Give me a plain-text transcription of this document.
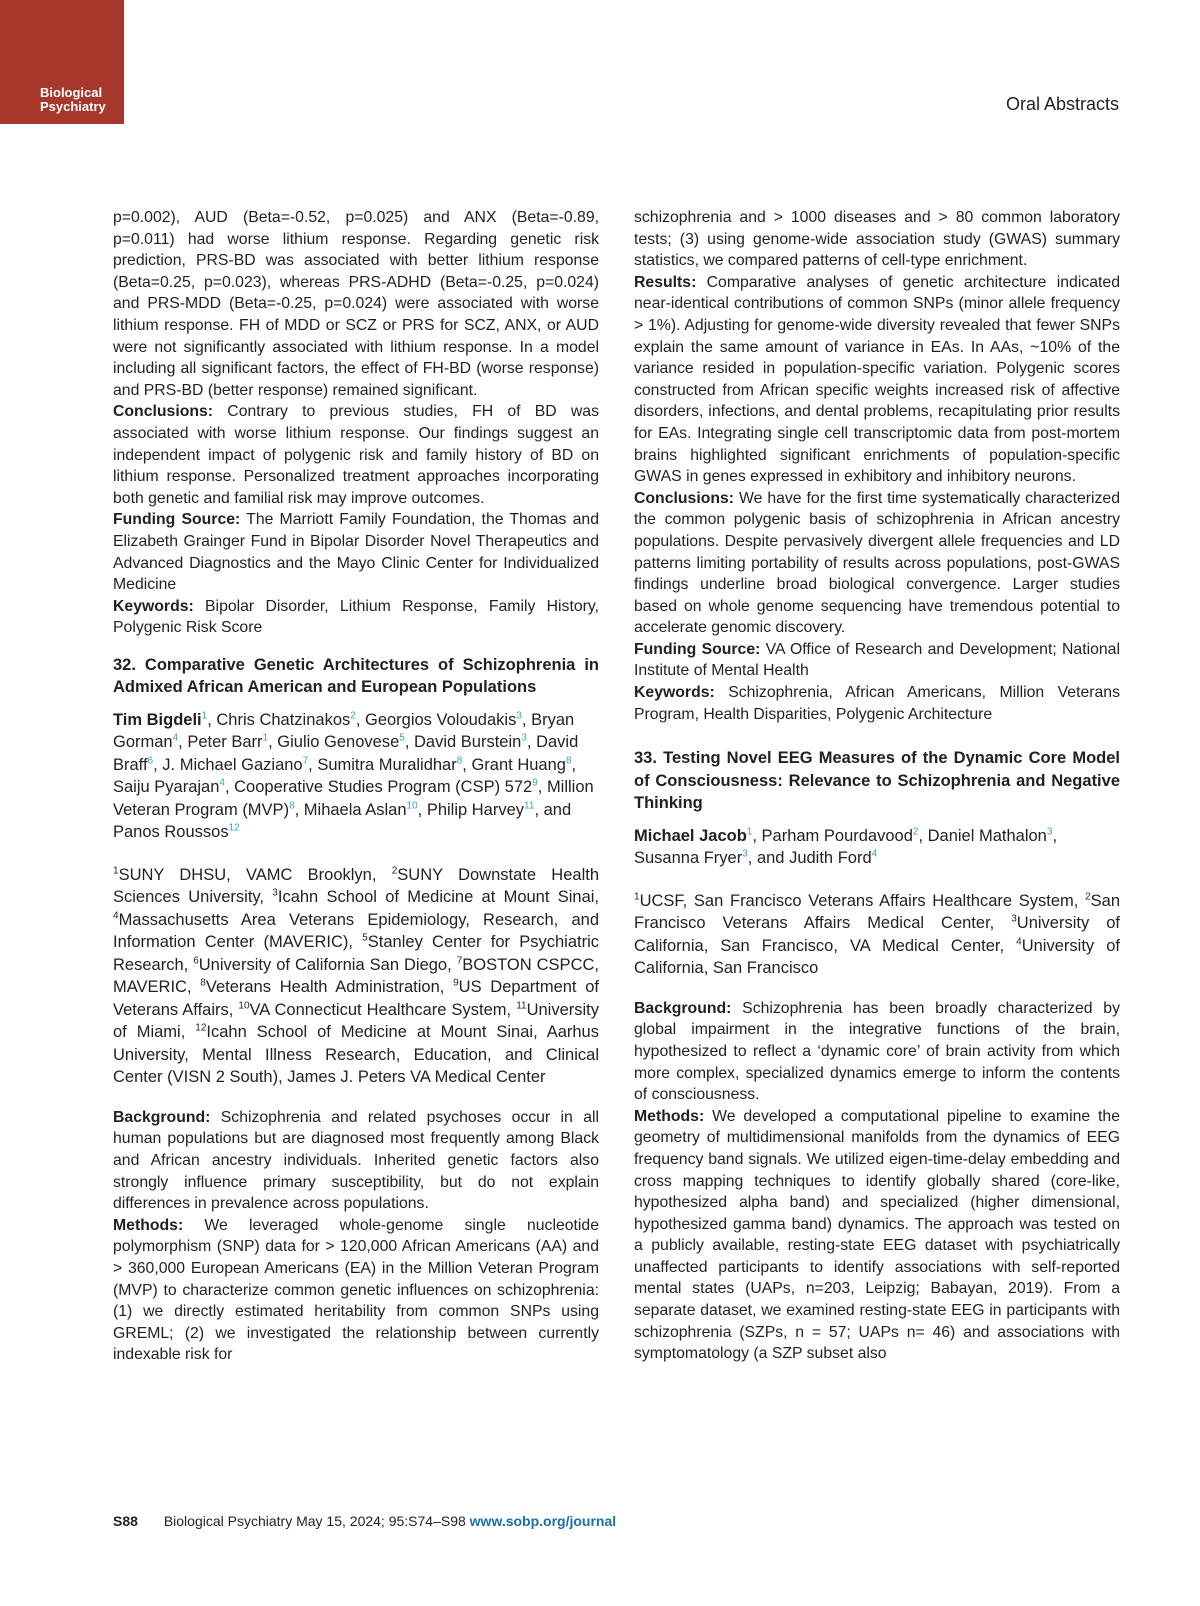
Biological
Psychiatry	Oral Abstracts

p=0.002), AUD (Beta=-0.52, p=0.025) and ANX (Beta=-0.89, p=0.011) had worse lithium response. Regarding genetic risk prediction, PRS-BD was associated with better lithium response (Beta=0.25, p=0.023), whereas PRS-ADHD (Beta=-0.25, p=0.024) and PRS-MDD (Beta=-0.25, p=0.024) were associated with worse lithium response. FH of MDD or SCZ or PRS for SCZ, ANX, or AUD were not significantly associated with lithium response. In a model including all significant factors, the effect of FH-BD (worse response) and PRS-BD (better response) remained significant.

Conclusions: Contrary to previous studies, FH of BD was associated with worse lithium response. Our findings suggest an independent impact of polygenic risk and family history of BD on lithium response. Personalized treatment approaches incorporating both genetic and familial risk may improve outcomes.

Funding Source: The Marriott Family Foundation, the Thomas and Elizabeth Grainger Fund in Bipolar Disorder Novel Therapeutics and Advanced Diagnostics and the Mayo Clinic Center for Individualized Medicine

Keywords: Bipolar Disorder, Lithium Response, Family History, Polygenic Risk Score

32. Comparative Genetic Architectures of Schizophrenia in Admixed African American and European Populations

Tim Bigdeli$^1$, Chris Chatzinakos$^2$, Georgios Voloudakis$^3$, Bryan Gorman$^4$, Peter Barr$^1$, Giulio Genovese$^5$, David Burstein$^3$, David Braff$^6$, J. Michael Gaziano$^7$, Sumitra Muralidhar$^8$, Grant Huang$^8$, Saiju Pyarajan$^4$, Cooperative Studies Program (CSP) $572^9$, Million Veteran Program (MVP)$^8$, Mihaela Aslan$^{10}$, Philip Harvey$^{11}$, and Panos Roussos$^{12}$

$^1$SUNY DHSU, VAMC Brooklyn, $^2$SUNY Downstate Health Sciences University, $^3$Icahn School of Medicine at Mount Sinai, $^4$Massachusetts Area Veterans Epidemiology, Research, and Information Center (MAVERIC), $^5$Stanley Center for Psychiatric Research, $^6$University of California San Diego, $^7$BOSTON CSPCC, MAVERIC, $^8$Veterans Health Administration, $^9$US Department of Veterans Affairs, $^{10}$VA Connecticut Healthcare System, $^{11}$University of Miami, $^{12}$Icahn School of Medicine at Mount Sinai, Aarhus University, Mental Illness Research, Education, and Clinical Center (VISN 2 South), James J. Peters VA Medical Center

Background: Schizophrenia and related psychoses occur in all human populations but are diagnosed most frequently among Black and African ancestry individuals. Inherited genetic factors also strongly influence primary susceptibility, but do not explain differences in prevalence across populations.

Methods: We leveraged whole-genome single nucleotide polymorphism (SNP) data for > 120,000 African Americans (AA) and > 360,000 European Americans (EA) in the Million Veteran Program (MVP) to characterize common genetic influences on schizophrenia: (1) we directly estimated heritability from common SNPs using GREML; (2) we investigated the relationship between currently indexable risk for

schizophrenia and > 1000 diseases and > 80 common laboratory tests; (3) using genome-wide association study (GWAS) summary statistics, we compared patterns of cell-type enrichment.

Results: Comparative analyses of genetic architecture indicated near-identical contributions of common SNPs (minor allele frequency > 1%). Adjusting for genome-wide diversity revealed that fewer SNPs explain the same amount of variance in EAs. In AAs, ~10% of the variance resided in population-specific variation. Polygenic scores constructed from African specific weights increased risk of affective disorders, infections, and dental problems, recapitulating prior results for EAs. Integrating single cell transcriptomic data from post-mortem brains highlighted significant enrichments of population-specific GWAS in genes expressed in exhibitory and inhibitory neurons.

Conclusions: We have for the first time systematically characterized the common polygenic basis of schizophrenia in African ancestry populations. Despite pervasively divergent allele frequencies and LD patterns limiting portability of results across populations, post-GWAS findings underline broad biological convergence. Larger studies based on whole genome sequencing have tremendous potential to accelerate genomic discovery.

Funding Source: VA Office of Research and Development; National Institute of Mental Health

Keywords: Schizophrenia, African Americans, Million Veterans Program, Health Disparities, Polygenic Architecture

33. Testing Novel EEG Measures of the Dynamic Core Model of Consciousness: Relevance to Schizophrenia and Negative Thinking

Michael Jacob$^1$, Parham Pourdavood$^2$, Daniel Mathalon$^3$, Susanna Fryer$^3$, and Judith Ford$^4$

$^1$UCSF, San Francisco Veterans Affairs Healthcare System, $^2$San Francisco Veterans Affairs Medical Center, $^3$University of California, San Francisco, VA Medical Center, $^4$University of California, San Francisco

Background: Schizophrenia has been broadly characterized by global impairment in the integrative functions of the brain, hypothesized to reflect a ‘dynamic core’ of brain activity from which more complex, specialized dynamics emerge to inform the contents of consciousness.

Methods: We developed a computational pipeline to examine the geometry of multidimensional manifolds from the dynamics of EEG frequency band signals. We utilized eigen-time-delay embedding and cross mapping techniques to identify globally shared (core-like, hypothesized alpha band) and specialized (higher dimensional, hypothesized gamma band) dynamics. The approach was tested on a publicly available, resting-state EEG dataset with psychiatrically unaffected participants to identify associations with self-reported mental states (UAPs, n=203, Leipzig; Babayan, 2019). From a separate dataset, we examined resting-state EEG in participants with schizophrenia (SZPs, n = 57; UAPs n= 46) and associations with symptomatology (a SZP subset also

S88 Biological Psychiatry May 15, 2024; 95:S74–S98 www.sobp.org/journal
